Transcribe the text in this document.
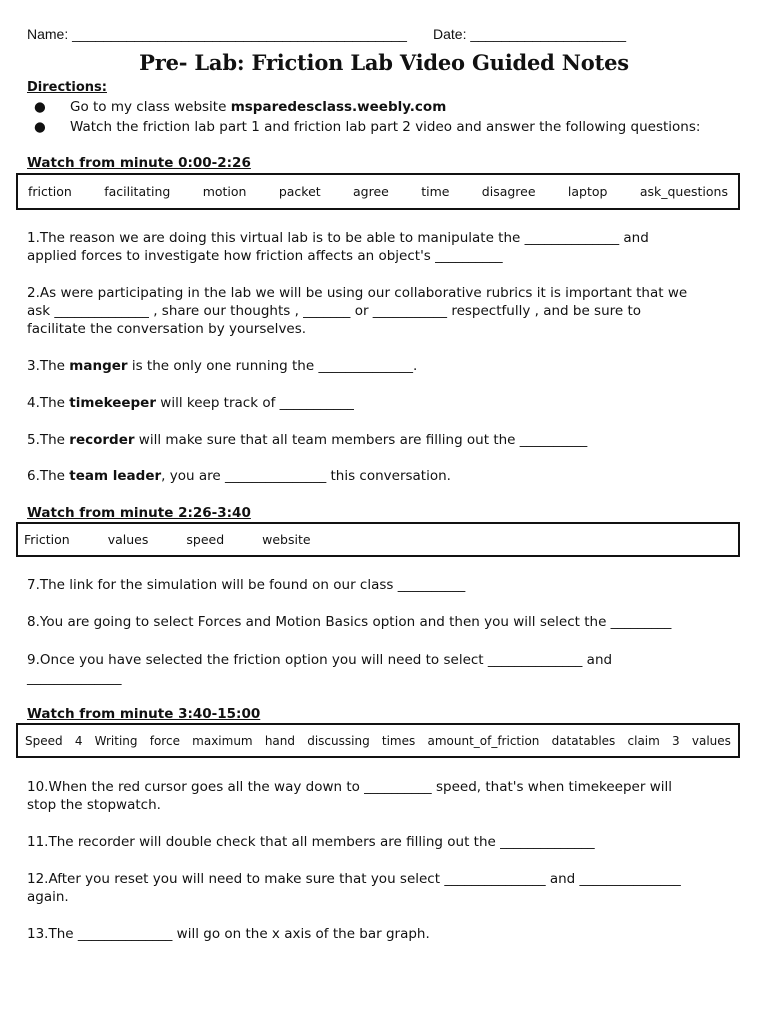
Name: ___________________________________________ Date: ____________________
Pre- Lab: Friction Lab Video Guided Notes
Directions:
● Go to my class website msparedesclass.weebly.com
● Watch the friction lab part 1 and friction lab part 2 video and answer the following questions:
Watch from minute 0:00-2:26
friction	facilitating	motion	packet	agree	time	disagree	laptop	ask_questions
1.The reason we are doing this virtual lab is to be able to manipulate the ______________ and
applied forces to investigate how friction affects an object's __________
2.As were participating in the lab we will be using our collaborative rubrics it is important that we
ask ______________ , share our thoughts , _______ or ___________ respectfully , and be sure to
facilitate the conversation by yourselves.
3.The manger is the only one running the ______________.
4.The timekeeper will keep track of ___________
5.The recorder will make sure that all team members are filling out the __________
6.The team leader, you are _______________ this conversation.
Watch from minute 2:26-3:40
Friction	values	speed	website
7.The link for the simulation will be found on our class __________
8.You are going to select Forces and Motion Basics option and then you will select the _________
9.Once you have selected the friction option you will need to select ______________ and
______________
Watch from minute 3:40-15:00
Speed 4 Writing force maximum hand discussing times amount_of_friction datatables claim 3 values
10.When the red cursor goes all the way down to __________ speed, that's when timekeeper will
stop the stopwatch.
11.The recorder will double check that all members are filling out the ______________
12.After you reset you will need to make sure that you select _______________ and _______________
again.
13.The ______________ will go on the x axis of the bar graph.
